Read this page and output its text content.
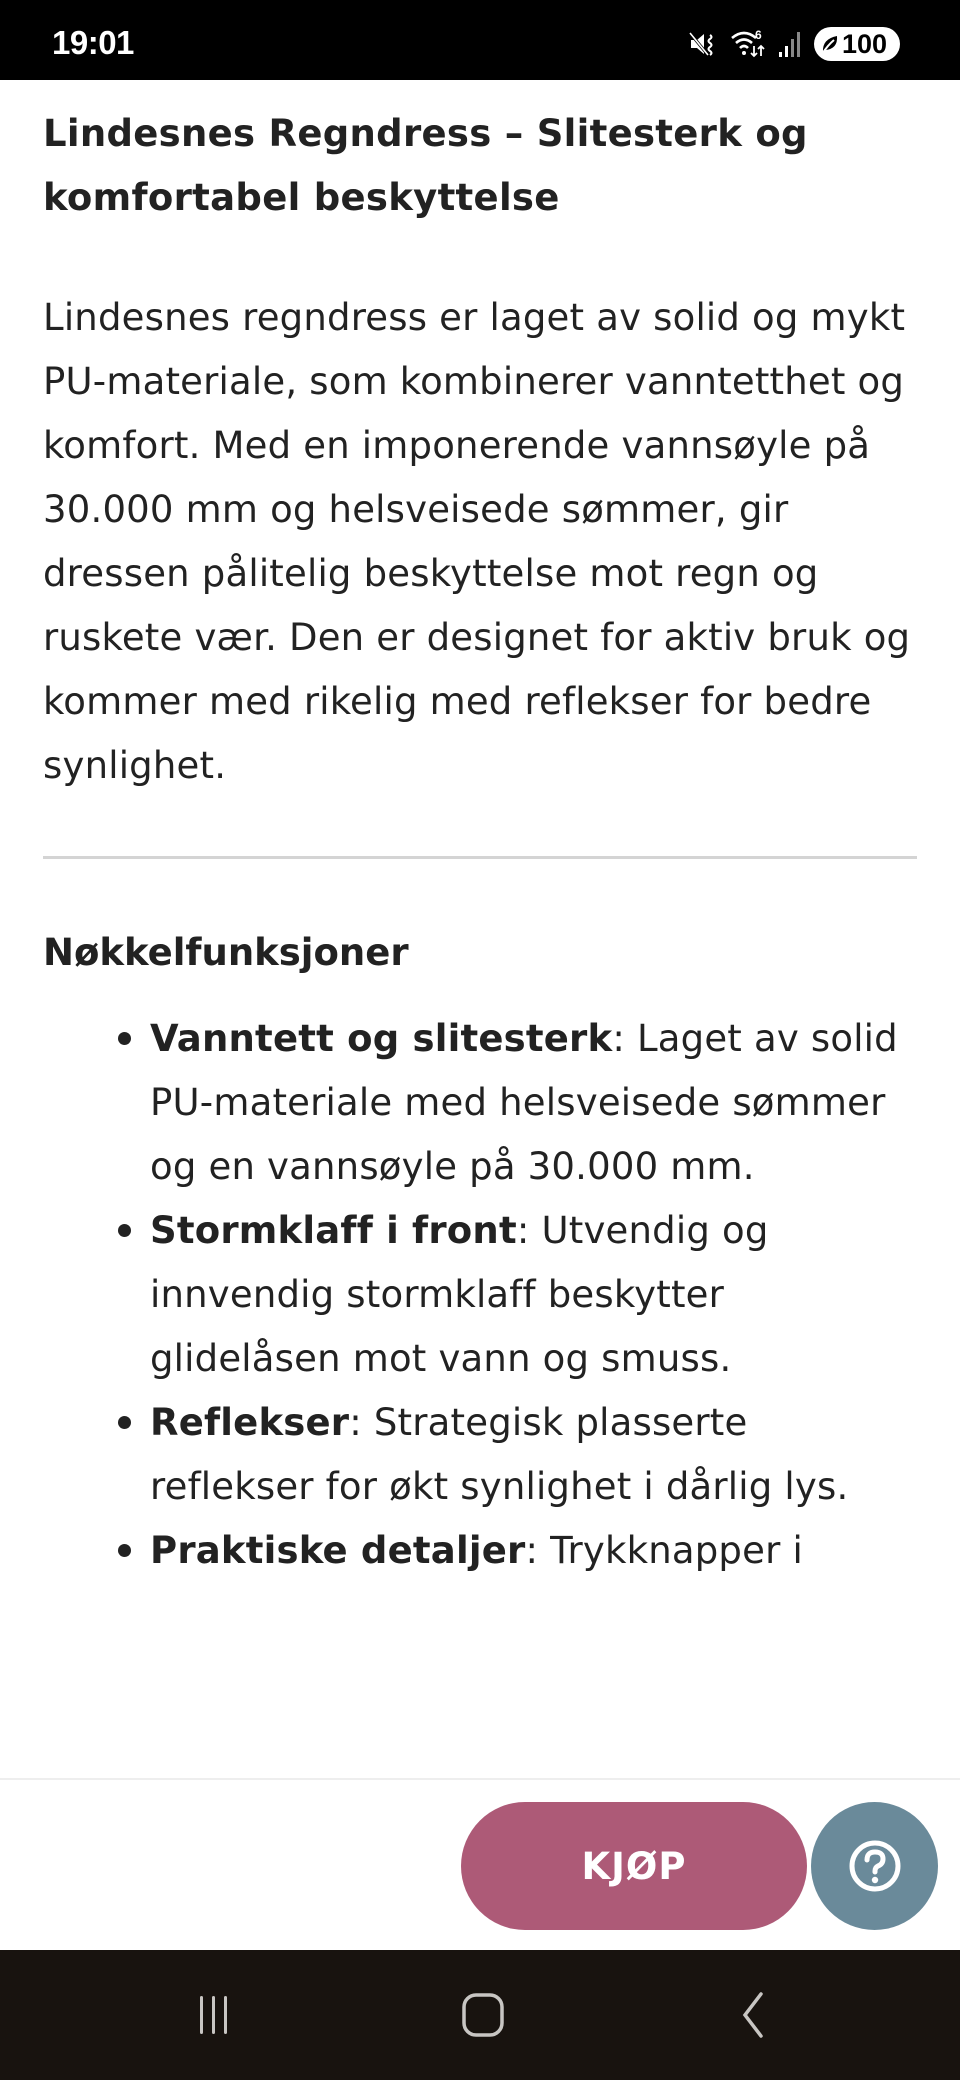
19:01	6	100
Lindesnes Regndress – Slitesterk og komfortabel beskyttelse

Lindesnes regndress er laget av solid og mykt PU-materiale, som kombinerer vanntetthet og komfort. Med en imponerende vannsøyle på 30.000 mm og helsveisede sømmer, gir dressen pålitelig beskyttelse mot regn og ruskete vær. Den er designet for aktiv bruk og kommer med rikelig med reflekser for bedre synlighet.

Nøkkelfunksjoner
Vanntett og slitesterk: Laget av solid PU-materiale med helsveisede sømmer og en vannsøyle på 30.000 mm.
Stormklaff i front: Utvendig og innvendig stormklaff beskytter glidelåsen mot vann og smuss.
Reflekser: Strategisk plasserte reflekser for økt synlighet i dårlig lys.
Praktiske detaljer: Trykknapper i
KJØP
